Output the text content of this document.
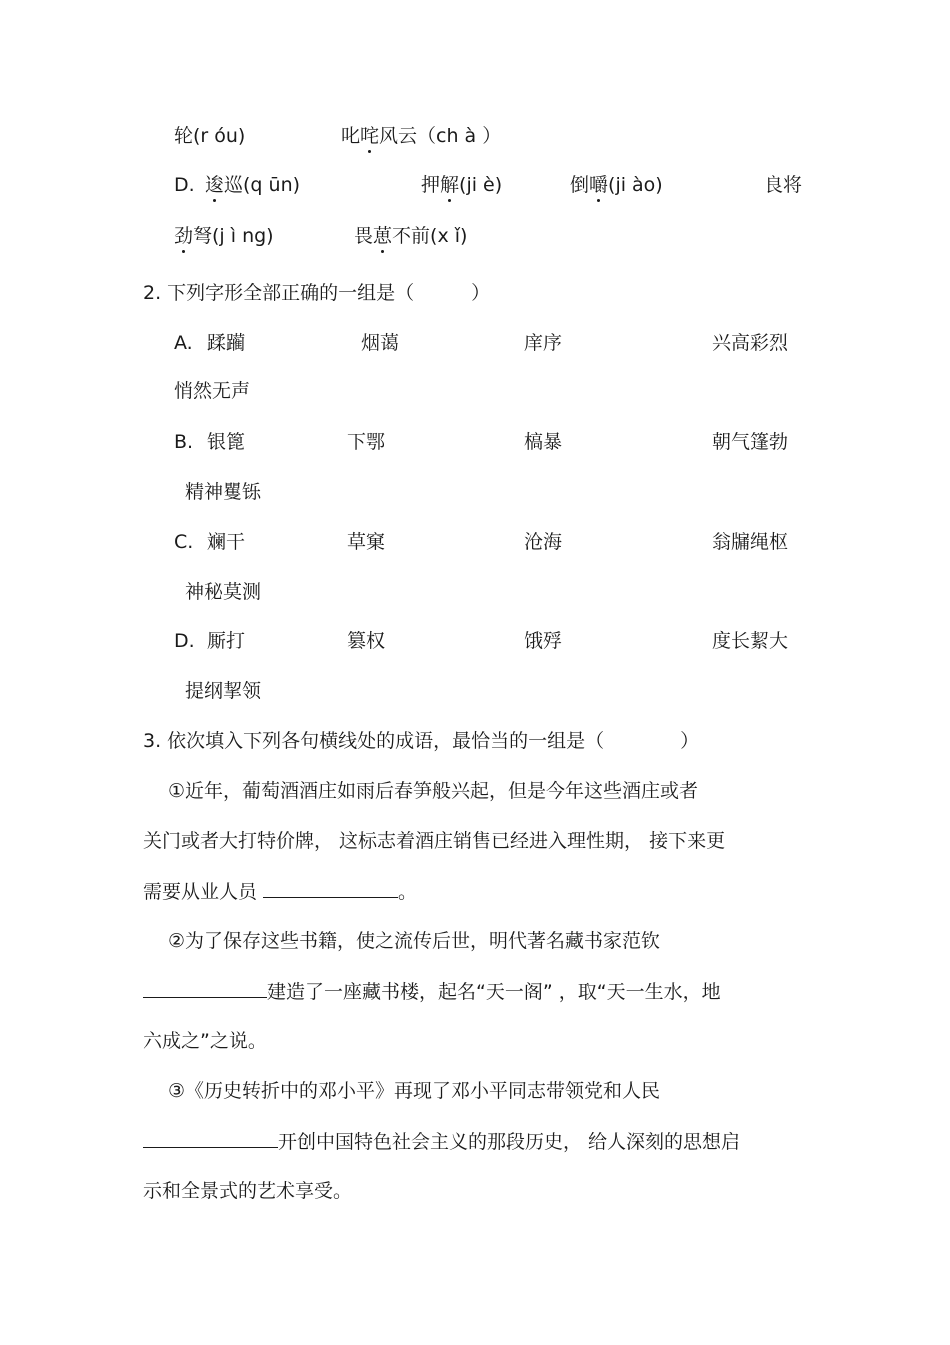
轮(r óu)	叱咤风云（ch à ）
D. 逡巡(q ūn)	押解(ji è)	倒嚼(ji ào)	良将
劲弩(j ì ng)	畏葸不前(x ǐ)
2. 下列字形全部正确的一组是（　　　）
A. 蹂躏	烟蔼	庠序	兴高彩烈
悄然无声
B. 银篦	下鄂	槁暴	朝气篷勃
精神矍铄
C. 斓干	草窠	沧海	翁牖绳枢
神秘莫测
D. 厮打	篡权	饿殍	度长絜大
提纲挈领
3. 依次填入下列各句横线处的成语，最恰当的一组是（　　　　）
①近年，葡萄酒酒庄如雨后春笋般兴起，但是今年这些酒庄或者
关门或者大打特价牌， 这标志着酒庄销售已经进入理性期， 接下来更
需要从业人员	。
②为了保存这些书籍，使之流传后世，明代著名藏书家范钦
建造了一座藏书楼，起名“天一阁” ，取“天一生水，地
六成之”之说。
③《历史转折中的邓小平》再现了邓小平同志带领党和人民
开创中国特色社会主义的那段历史， 给人深刻的思想启
示和全景式的艺术享受。
